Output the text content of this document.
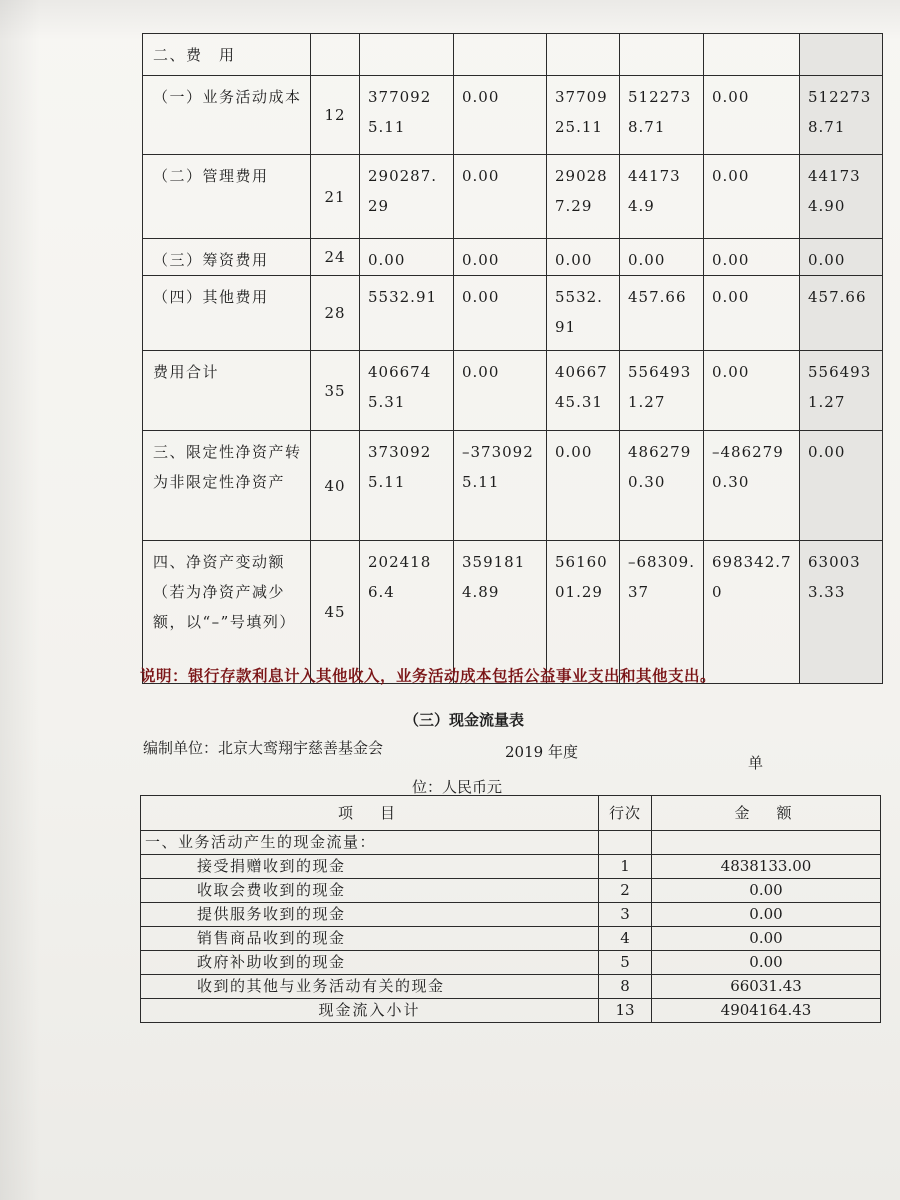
二、费　用							
（一）业务活动成本	12	3770925.11	0.00	3770925.11	5122738.71	0.00	5122738.71
（二）管理费用	21	290287.29	0.00	290287.29	441734.9	0.00	441734.90
（三）筹资费用	24	0.00	0.00	0.00	0.00	0.00	0.00
（四）其他费用	28	5532.91	0.00	5532.91	457.66	0.00	457.66
费用合计	35	4066745.31	0.00	4066745.31	5564931.27	0.00	5564931.27
三、限定性净资产转为非限定性净资产	40	3730925.11	–3730925.11	0.00	4862790.30	–4862790.30	0.00
四、净资产变动额（若为净资产减少额，以“–”号填列）	45	2024186.4	3591814.89	5616001.29	–68309.37	698342.70	630033.33
说明：银行存款利息计入其他收入，业务活动成本包括公益事业支出和其他支出。
（三）现金流量表
编制单位：北京大鸾翔宇慈善基金会	2019 年度
单
位：人民币元
项　目	行次	金　额
一、业务活动产生的现金流量：		
接受捐赠收到的现金	1	4838133.00
收取会费收到的现金	2	0.00
提供服务收到的现金	3	0.00
销售商品收到的现金	4	0.00
政府补助收到的现金	5	0.00
收到的其他与业务活动有关的现金	8	66031.43
现金流入小计	13	4904164.43
